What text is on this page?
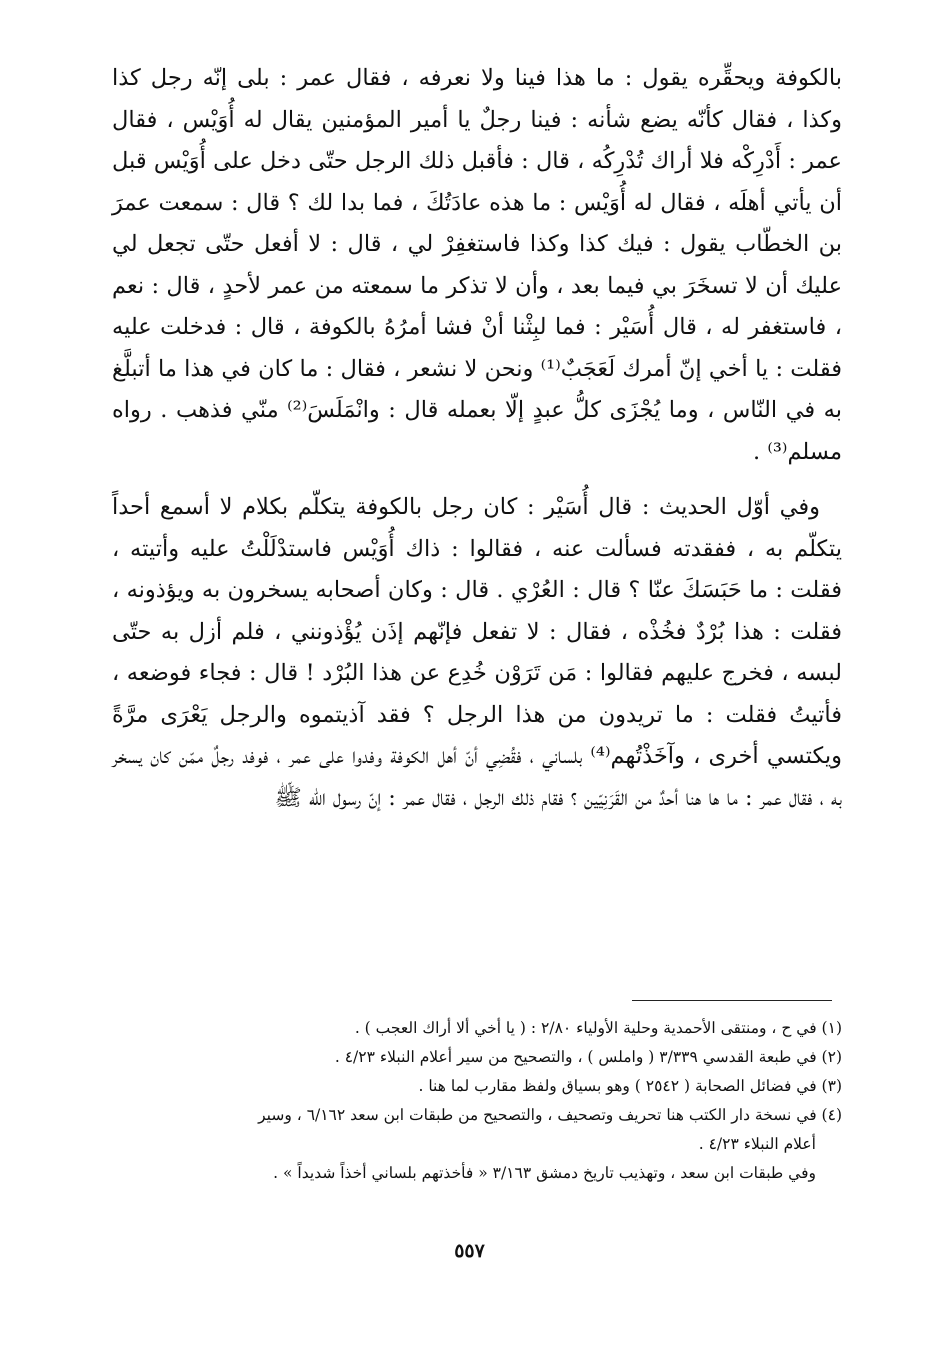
بالكوفة ويحقِّره يقول : ما هذا فينا ولا نعرفه ، فقال عمر : بلى إنّه رجل كذا وكذا ، فقال كأنّه يضع شأنه : فينا رجلٌ يا أمير المؤمنين يقال له أُوَيْس ، فقال عمر : أَدْرِكْه فلا أراك تُدْرِكُه ، قال : فأقبل ذلك الرجل حتّى دخل على أُوَيْس قبل أن يأتي أهلَه ، فقال له أُوَيْس : ما هذه عادَتُكَ ، فما بدا لك ؟ قال : سمعت عمرَ بن الخطّاب يقول : فيك كذا وكذا فاستغفِرْ لي ، قال : لا أفعل حتّى تجعل لي عليك أن لا تسخَرَ بي فيما بعد ، وأن لا تذكر ما سمعته من عمر لأحدٍ ، قال : نعم ، فاستغفر له ، قال أُسَيْر : فما لبِثْنا أنْ فشا أمرُهُ بالكوفة ، قال : فدخلت عليه فقلت : يا أخي إنّ أمرك لَعَجَبٌ⁽¹⁾ ونحن لا نشعر ، فقال : ما كان في هذا ما أتبلَّغ به في النّاس ، وما يُجْزَى كلُّ عبدٍ إلّا بعمله قال : وانْمَلَسَ⁽²⁾ منّي فذهب . رواه مسلم⁽³⁾ .

وفي أوّل الحديث : قال أُسَيْر : كان رجل بالكوفة يتكلّم بكلام لا أسمع أحداً يتكلّم به ، ففقدته فسألت عنه ، فقالوا : ذاك أُوَيْس فاستدْلَلْتُ عليه وأتيته ، فقلت : ما حَبَسَكَ عنّا ؟ قال : العُرْي . قال : وكان أصحابه يسخرون به ويؤذونه ، فقلت : هذا بُرْدٌ فخُذْه ، فقال : لا تفعل فإنّهم إذَن يُؤْذونني ، فلم أزل به حتّى لبسه ، فخرج عليهم فقالوا : مَن تَرَوْن خُدِع عن هذا البُرْد ! قال : فجاء فوضعه ، فأتيتُ فقلت : ما تريدون من هذا الرجل ؟ فقد آذيتموه والرجل يَعْرَى مرَّةً ويكتسي أخرى ، وآخَذْتُهم⁽⁴⁾ بلساني ، فقُضِي أنّ أهل الكوفة وفدوا على عمر ، فوفد رجلٌ ممّن كان يسخر به ، فقال عمر : ما ها هنا أحدٌ من القَرَنِيّين ؟ فقام ذلك الرجل ، فقال عمر : إنّ رسول الله ﷺ

(١) في ح ، ومنتقى الأحمدية وحلية الأولياء ٢/٨٠ : ( يا أخي ألا أراك العجب ) .

(٢) في طبعة القدسي ٣/٣٣٩ ( واملس ) ، والتصحيح من سير أعلام النبلاء ٤/٢٣ .

(٣) في فضائل الصحابة ( ٢٥٤٢ ) وهو بسياق ولفظ مقارب لما هنا .

(٤) في نسخة دار الكتب هنا تحريف وتصحيف ، والتصحيح من طبقات ابن سعد ٦/١٦٢ ، وسير

أعلام النبلاء ٤/٢٣ .

وفي طبقات ابن سعد ، وتهذيب تاريخ دمشق ٣/١٦٣ « فأخذتهم بلساني أخذاً شديداً » .

٥٥٧
